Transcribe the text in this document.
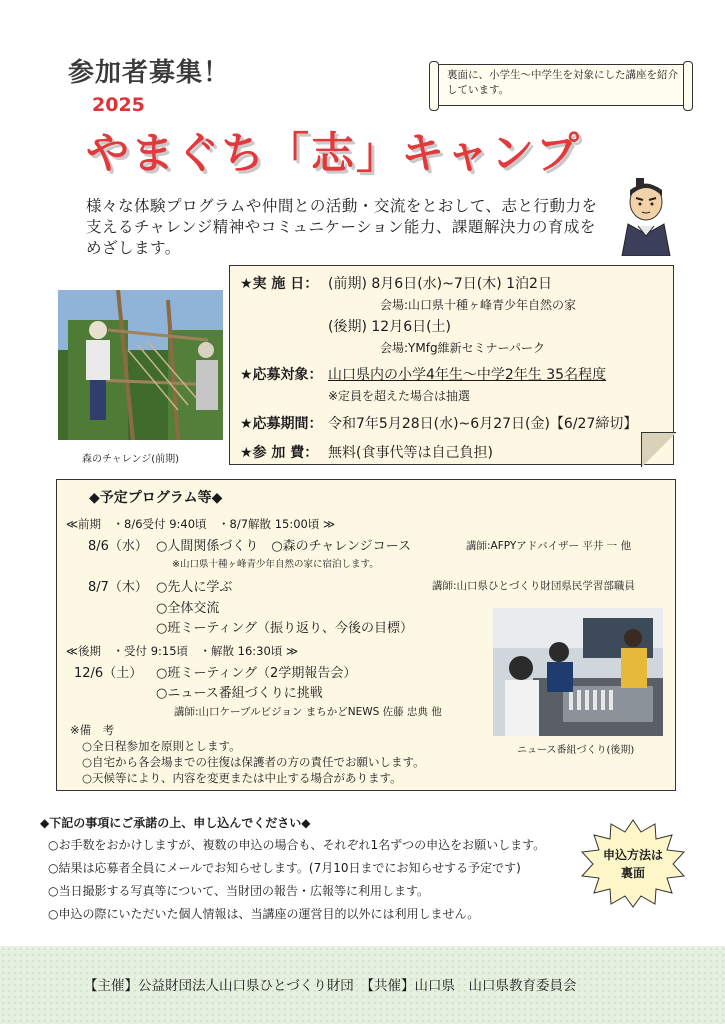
参加者募集！
2025
やまぐち「志」キャンプ
裏面に、小学生～中学生を対象にした講座を紹介しています。
様々な体験プログラムや仲間との活動・交流をとおして、志と行動力を支えるチャレンジ精神やコミュニケーション能力、課題解決力の育成をめざします。
森のチャレンジ(前期)
★実 施 日： (前期) 8月6日(水)~7日(木) 1泊2日
会場:山口県十種ヶ峰青少年自然の家
(後期) 12月6日(土)
会場:YMfg維新セミナーパーク
★応募対象： 山口県内の小学4年生～中学2年生 35名程度
※定員を超えた場合は抽選
★応募期間： 令和7年5月28日(水)~6月27日(金)【6/27締切】
★参 加 費： 無料(食事代等は自己負担)
◆予定プログラム等◆
≪前期　・8/6受付 9:40頃　・8/7解散 15:00頃 ≫
8/6（水） ○人間関係づくり　○森のチャレンジコース	講師:AFPYアドバイザー 平井 一 他
※山口県十種ヶ峰青少年自然の家に宿泊します。
8/7（木） ○先人に学ぶ	講師:山口県ひとづくり財団県民学習部職員
○全体交流
○班ミーティング（振り返り、今後の目標）
≪後期　・受付 9:15頃　・解散 16:30頃 ≫
12/6（土） ○班ミーティング（2学期報告会）
○ニュース番組づくりに挑戦
講師:山口ケーブルビジョン まちかどNEWS 佐藤 忠典 他
※備　考
○全日程参加を原則とします。
○自宅から各会場までの往復は保護者の方の責任でお願いします。
○天候等により、内容を変更または中止する場合があります。
ニュース番組づくり(後期)
◆下記の事項にご承諾の上、申し込んでください◆
○お手数をおかけしますが、複数の申込の場合も、それぞれ1名ずつの申込をお願いします。
○結果は応募者全員にメールでお知らせします。(7月10日までにお知らせする予定です)
○当日撮影する写真等について、当財団の報告・広報等に利用します。
○申込の際にいただいた個人情報は、当講座の運営目的以外には利用しません。
申込方法は
裏面
【主催】公益財団法人山口県ひとづくり財団　【共催】山口県　山口県教育委員会
